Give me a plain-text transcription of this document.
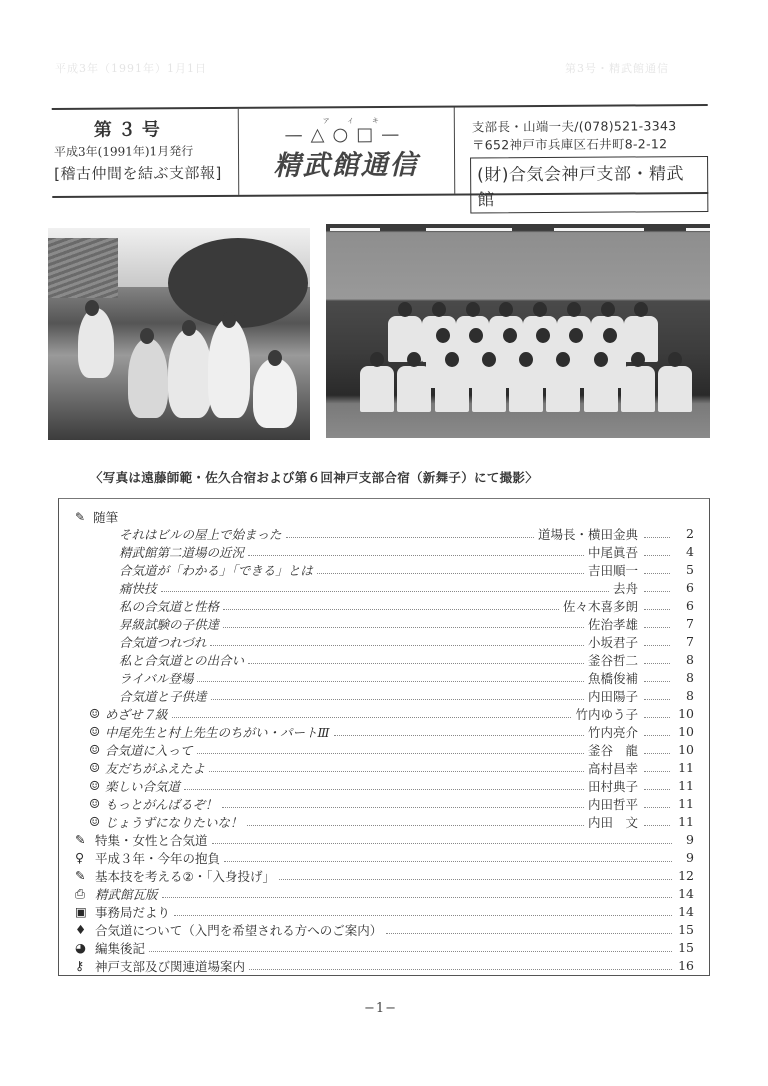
平成3年（1991年）1月1日	第3号・精武館通信
第３号
平成3年(1991年)1月発行
[稽古仲間を結ぶ支部報]
アイキ
—△○□—
精武館通信
支部長・山端一夫/(078)521-3343
〒652神戸市兵庫区石井町8-2-12
(財)合気会神戸支部・精武館
〈写真は遠藤師範・佐久合宿および第６回神戸支部合宿（新舞子）にて撮影〉
✎ 随筆
それはビルの屋上で始まった	道場長・横田金典	2
精武館第二道場の近況	中尾眞吾	4
合気道が「わかる」「できる」とは	吉田順一	5
痛快技	去舟	6
私の合気道と性格	佐々木喜多朗	6
昇級試験の子供達	佐治孝雄	7
合気道つれづれ	小坂君子	7
私と合気道との出合い	釜谷哲二	8
ライバル登場	魚橋俊補	8
合気道と子供達	内田陽子	8
☺ めざせ７級	竹内ゆう子	10
☺ 中尾先生と村上先生のちがい・パートⅢ	竹内亮介	10
☺ 合気道に入って	釜谷　龍	10
☺ 友だちがふえたよ	高村昌幸	11
☺ 楽しい合気道	田村典子	11
☺ もっとがんばるぞ！	内田哲平	11
☺ じょうずになりたいな！	内田　文	11
✎ 特集・女性と合気道	9
♀ 平成３年・今年の抱負	9
✎ 基本技を考える②・「入身投げ」	12
⎙ 精武館瓦版	14
▣ 事務局だより	14
♦ 合気道について（入門を希望される方へのご案内）	15
◕ 編集後記	15
⚷ 神戸支部及び関連道場案内	16
−1−
